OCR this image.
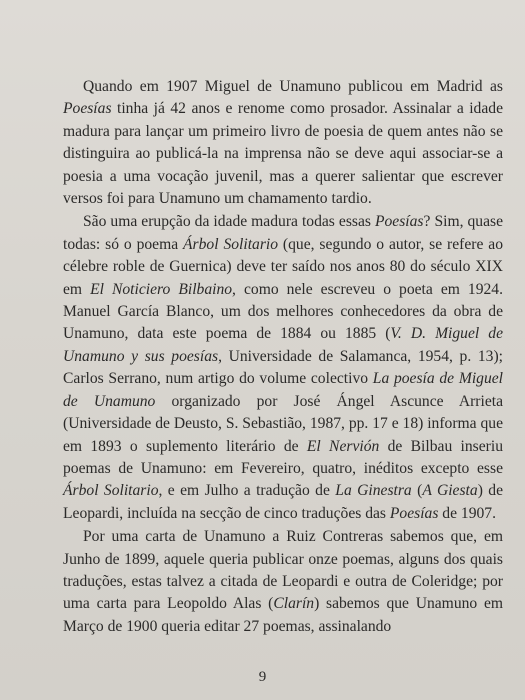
Quando em 1907 Miguel de Unamuno publicou em Madrid as Poesías tinha já 42 anos e renome como prosador. Assinalar a idade madura para lançar um primeiro livro de poesia de quem antes não se distinguira ao publicá-la na imprensa não se deve aqui associar-se a poesia a uma vocação juvenil, mas a querer salientar que escrever versos foi para Unamuno um chamamento tardio.

São uma erupção da idade madura todas essas Poesías? Sim, quase todas: só o poema Árbol Solitario (que, segundo o autor, se refere ao célebre roble de Guernica) deve ter saído nos anos 80 do século XIX em El Noticiero Bilbaino, como nele escreveu o poeta em 1924. Manuel García Blanco, um dos melhores conhecedores da obra de Unamuno, data este poema de 1884 ou 1885 (V. D. Miguel de Unamuno y sus poesías, Universidade de Salamanca, 1954, p. 13); Carlos Serrano, num artigo do volume colectivo La poesía de Miguel de Unamuno organizado por José Ángel Ascunce Arrieta (Universidade de Deusto, S. Sebastião, 1987, pp. 17 e 18) informa que em 1893 o suplemento literário de El Nervión de Bilbau inseriu poemas de Unamuno: em Fevereiro, quatro, inéditos excepto esse Árbol Solitario, e em Julho a tradução de La Ginestra (A Giesta) de Leopardi, incluída na secção de cinco traduções das Poesías de 1907.

Por uma carta de Unamuno a Ruiz Contreras sabemos que, em Junho de 1899, aquele queria publicar onze poemas, alguns dos quais traduções, estas talvez a citada de Leopardi e outra de Coleridge; por uma carta para Leopoldo Alas (Clarín) sabemos que Unamuno em Março de 1900 queria editar 27 poemas, assinalando

9
